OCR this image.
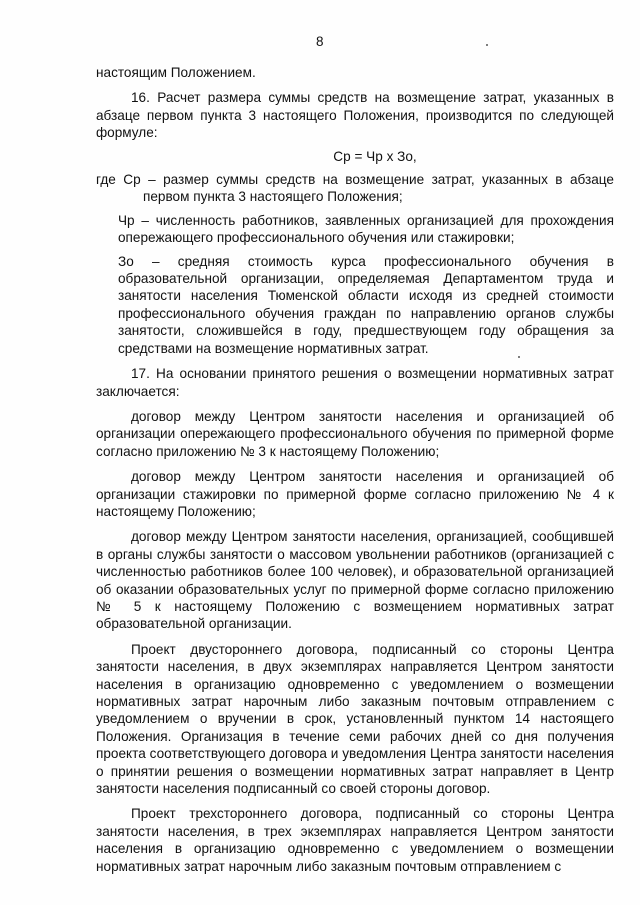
8

настоящим Положением.

16. Расчет размера суммы средств на возмещение затрат, указанных в абзаце первом пункта 3 настоящего Положения, производится по следующей формуле:

Ср = Чр х Зо,

где Ср – размер суммы средств на возмещение затрат, указанных в абзаце первом пункта 3 настоящего Положения;

Чр – численность работников, заявленных организацией для прохождения опережающего профессионального обучения или стажировки;

Зо – средняя стоимость курса профессионального обучения в образовательной организации, определяемая Департаментом труда и занятости населения Тюменской области исходя из средней стоимости профессионального обучения граждан по направлению органов службы занятости, сложившейся в году, предшествующем году обращения за средствами на возмещение нормативных затрат.

17. На основании принятого решения о возмещении нормативных затрат заключается:

договор между Центром занятости населения и организацией об организации опережающего профессионального обучения по примерной форме согласно приложению № 3 к настоящему Положению;

договор между Центром занятости населения и организацией об организации стажировки по примерной форме согласно приложению № 4 к настоящему Положению;

договор между Центром занятости населения, организацией, сообщившей в органы службы занятости о массовом увольнении работников (организацией с численностью работников более 100 человек), и образовательной организацией об оказании образовательных услуг по примерной форме согласно приложению № 5 к настоящему Положению с возмещением нормативных затрат образовательной организации.

Проект двустороннего договора, подписанный со стороны Центра занятости населения, в двух экземплярах направляется Центром занятости населения в организацию одновременно с уведомлением о возмещении нормативных затрат нарочным либо заказным почтовым отправлением с уведомлением о вручении в срок, установленный пунктом 14 настоящего Положения. Организация в течение семи рабочих дней со дня получения проекта соответствующего договора и уведомления Центра занятости населения о принятии решения о возмещении нормативных затрат направляет в Центр занятости населения подписанный со своей стороны договор.

Проект трехстороннего договора, подписанный со стороны Центра занятости населения, в трех экземплярах направляется Центром занятости населения в организацию одновременно с уведомлением о возмещении нормативных затрат нарочным либо заказным почтовым отправлением с
